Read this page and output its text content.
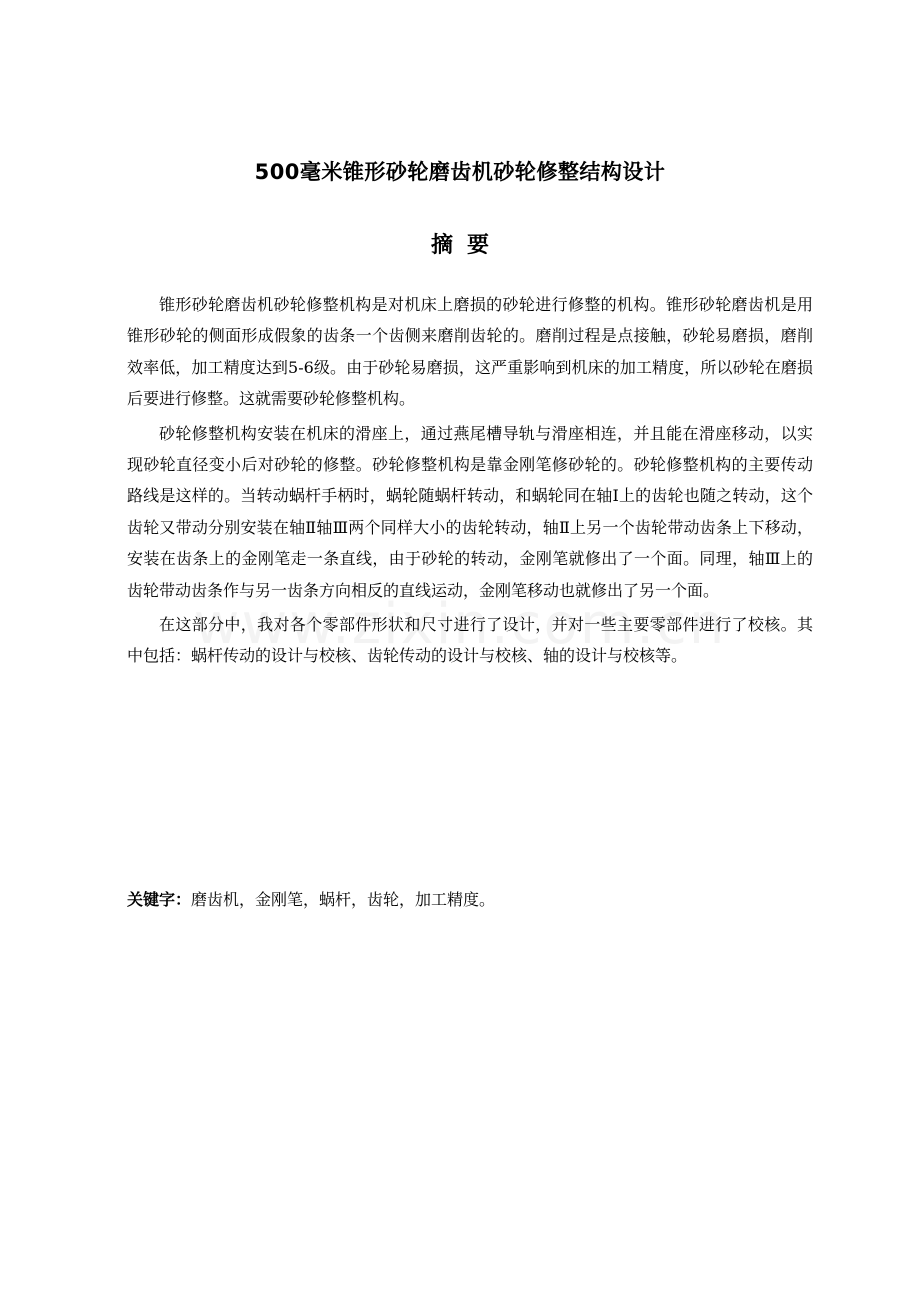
500毫米锥形砂轮磨齿机砂轮修整结构设计
摘要

锥形砂轮磨齿机砂轮修整机构是对机床上磨损的砂轮进行修整的机构。锥形砂轮磨齿机是用锥形砂轮的侧面形成假象的齿条一个齿侧来磨削齿轮的。磨削过程是点接触，砂轮易磨损，磨削效率低，加工精度达到5-6级。由于砂轮易磨损，这严重影响到机床的加工精度，所以砂轮在磨损后要进行修整。这就需要砂轮修整机构。

砂轮修整机构安装在机床的滑座上，通过燕尾槽导轨与滑座相连，并且能在滑座移动，以实现砂轮直径变小后对砂轮的修整。砂轮修整机构是靠金刚笔修砂轮的。砂轮修整机构的主要传动路线是这样的。当转动蜗杆手柄时，蜗轮随蜗杆转动，和蜗轮同在轴Ⅰ上的齿轮也随之转动，这个齿轮又带动分别安装在轴Ⅱ轴Ⅲ两个同样大小的齿轮转动，轴Ⅱ上另一个齿轮带动齿条上下移动，安装在齿条上的金刚笔走一条直线，由于砂轮的转动，金刚笔就修出了一个面。同理，轴Ⅲ上的齿轮带动齿条作与另一齿条方向相反的直线运动，金刚笔移动也就修出了另一个面。

在这部分中，我对各个零部件形状和尺寸进行了设计，并对一些主要零部件进行了校核。其中包括：蜗杆传动的设计与校核、齿轮传动的设计与校核、轴的设计与校核等。

关键字：磨齿机，金刚笔，蜗杆，齿轮，加工精度。
